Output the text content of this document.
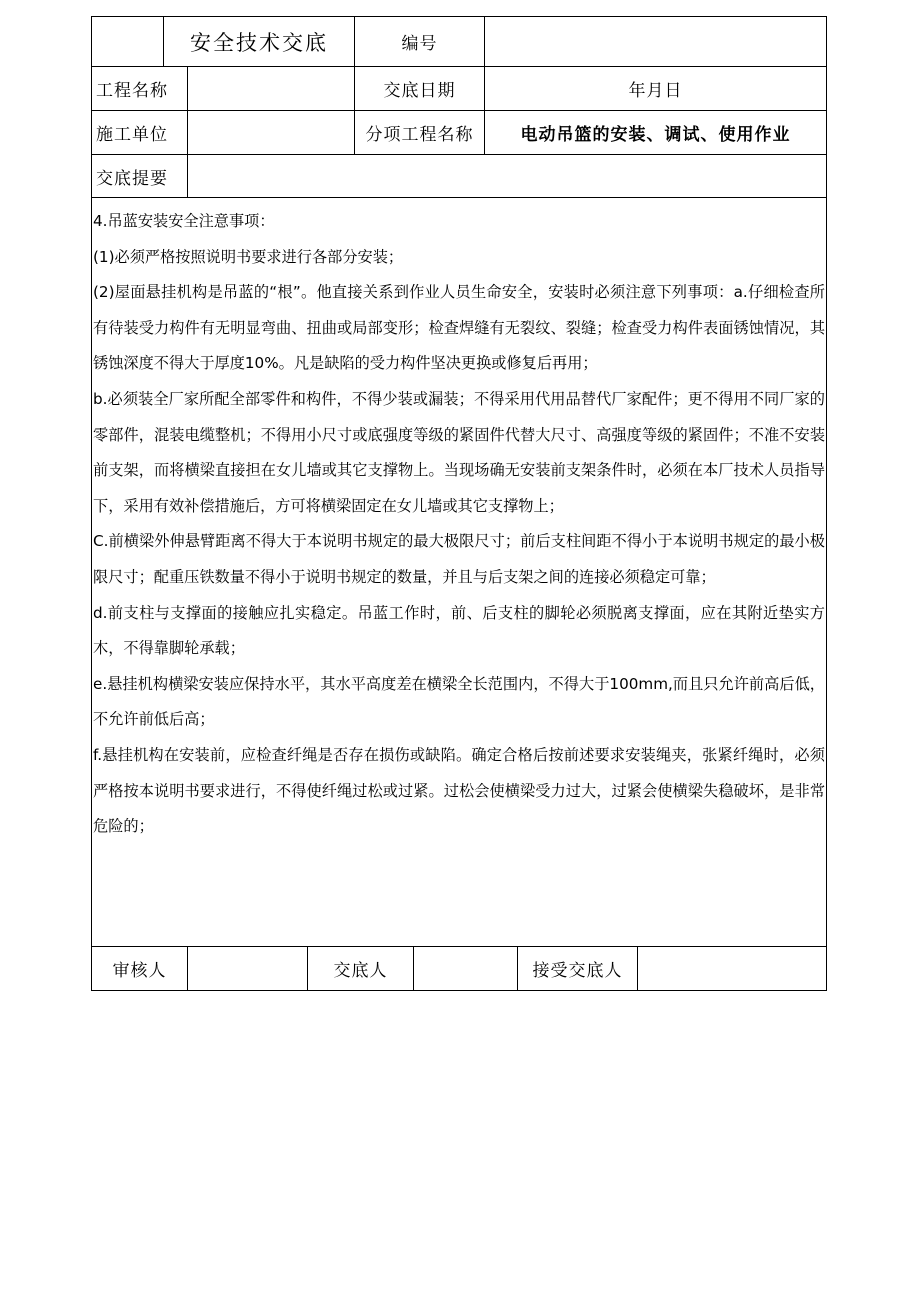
安全技术交底	编号
工程名称	交底日期	年月日
施工单位	分项工程名称	电动吊篮的安装、调试、使用作业
交底提要
4.吊蓝安装安全注意事项：
(1)必须严格按照说明书要求进行各部分安装；
(2)屋面悬挂机构是吊蓝的“根”。他直接关系到作业人员生命安全，安装时必须注意下列事项：a.仔细检查所有待装受力构件有无明显弯曲、扭曲或局部变形；检查焊缝有无裂纹、裂缝；检查受力构件表面锈蚀情况，其锈蚀深度不得大于厚度10%。凡是缺陷的受力构件坚决更换或修复后再用；
b.必须装全厂家所配全部零件和构件，不得少装或漏装；不得采用代用品替代厂家配件；更不得用不同厂家的零部件，混装电缆整机；不得用小尺寸或底强度等级的紧固件代替大尺寸、高强度等级的紧固件；不准不安装前支架，而将横梁直接担在女儿墙或其它支撑物上。当现场确无安装前支架条件时，必须在本厂技术人员指导下，采用有效补偿措施后，方可将横梁固定在女儿墙或其它支撑物上；
C.前横梁外伸悬臂距离不得大于本说明书规定的最大极限尺寸；前后支柱间距不得小于本说明书规定的最小极限尺寸；配重压铁数量不得小于说明书规定的数量，并且与后支架之间的连接必须稳定可靠；
d.前支柱与支撑面的接触应扎实稳定。吊蓝工作时，前、后支柱的脚轮必须脱离支撑面，应在其附近垫实方木，不得靠脚轮承载；
e.悬挂机构横梁安装应保持水平，其水平高度差在横梁全长范围内，不得大于100mm,而且只允许前高后低，不允许前低后高；
f.悬挂机构在安装前，应检查纤绳是否存在损伤或缺陷。确定合格后按前述要求安装绳夹，张紧纤绳时，必须严格按本说明书要求进行，不得使纤绳过松或过紧。过松会使横梁受力过大，过紧会使横梁失稳破坏，是非常危险的；
审核人	交底人	接受交底人
